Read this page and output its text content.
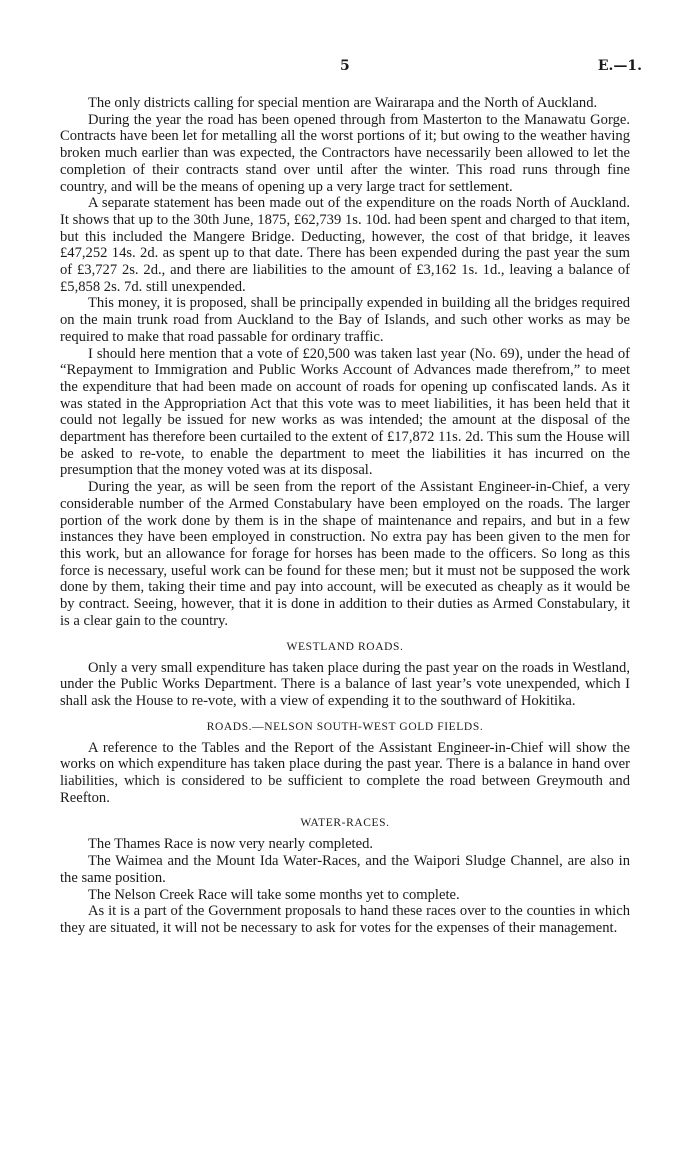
5	E.—1.

The only districts calling for special mention are Wairarapa and the North of Auckland.

During the year the road has been opened through from Masterton to the Manawatu Gorge. Contracts have been let for metalling all the worst portions of it; but owing to the weather having broken much earlier than was expected, the Contractors have necessarily been allowed to let the completion of their contracts stand over until after the winter. This road runs through fine country, and will be the means of opening up a very large tract for settlement.

A separate statement has been made out of the expenditure on the roads North of Auckland. It shows that up to the 30th June, 1875, £62,739 1s. 10d. had been spent and charged to that item, but this included the Mangere Bridge. Deducting, however, the cost of that bridge, it leaves £47,252 14s. 2d. as spent up to that date. There has been expended during the past year the sum of £3,727 2s. 2d., and there are liabilities to the amount of £3,162 1s. 1d., leaving a balance of £5,858 2s. 7d. still unexpended.

This money, it is proposed, shall be principally expended in building all the bridges required on the main trunk road from Auckland to the Bay of Islands, and such other works as may be required to make that road passable for ordinary traffic.

I should here mention that a vote of £20,500 was taken last year (No. 69), under the head of “Repayment to Immigration and Public Works Account of Advances made therefrom,” to meet the expenditure that had been made on account of roads for opening up confiscated lands. As it was stated in the Appropriation Act that this vote was to meet liabilities, it has been held that it could not legally be issued for new works as was intended; the amount at the disposal of the department has therefore been curtailed to the extent of £17,872 11s. 2d. This sum the House will be asked to re-vote, to enable the department to meet the liabilities it has incurred on the presumption that the money voted was at its disposal.

During the year, as will be seen from the report of the Assistant Engineer-in-Chief, a very considerable number of the Armed Constabulary have been employed on the roads. The larger portion of the work done by them is in the shape of maintenance and repairs, and but in a few instances they have been employed in construction. No extra pay has been given to the men for this work, but an allowance for forage for horses has been made to the officers. So long as this force is necessary, useful work can be found for these men; but it must not be supposed the work done by them, taking their time and pay into account, will be executed as cheaply as it would be by contract. Seeing, however, that it is done in addition to their duties as Armed Constabulary, it is a clear gain to the country.

WESTLAND ROADS.

Only a very small expenditure has taken place during the past year on the roads in Westland, under the Public Works Department. There is a balance of last year’s vote unexpended, which I shall ask the House to re-vote, with a view of expending it to the southward of Hokitika.

ROADS.—NELSON SOUTH-WEST GOLD FIELDS.

A reference to the Tables and the Report of the Assistant Engineer-in-Chief will show the works on which expenditure has taken place during the past year. There is a balance in hand over liabilities, which is considered to be sufficient to complete the road between Greymouth and Reefton.

WATER-RACES.

The Thames Race is now very nearly completed.

The Waimea and the Mount Ida Water-Races, and the Waipori Sludge Channel, are also in the same position.

The Nelson Creek Race will take some months yet to complete.

As it is a part of the Government proposals to hand these races over to the counties in which they are situated, it will not be necessary to ask for votes for the expenses of their management.
